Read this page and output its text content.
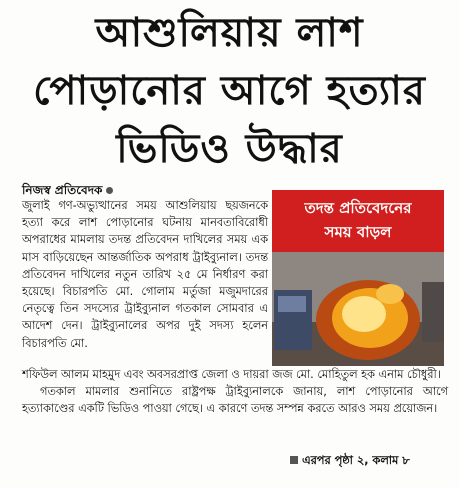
আশুলিয়ায় লাশ
পোড়ানোর আগে হত্যার
ভিডিও উদ্ধার
নিজস্ব প্রতিবেদক

জুলাই গণ-অভ্যুত্থানের সময় আশুলিয়ায় ছয়জনকে হত্যা করে লাশ পোড়ানোর ঘটনায় মানবতাবিরোধী অপরাধের মামলায় তদন্ত প্রতিবেদন দাখিলের সময় এক মাস বাড়িয়েছেন আন্তর্জাতিক অপরাধ ট্রাইব্যুনাল। তদন্ত প্রতিবেদন দাখিলের নতুন তারিখ ২৫ মে নির্ধারণ করা হয়েছে। বিচারপতি মো. গোলাম মর্তুজা মজুমদারের নেতৃত্বে তিন সদস্যের ট্রাইব্যুনাল গতকাল সোমবার এ আদেশ দেন। ট্রাইব্যুনালের অপর দুই সদস্য হলেন বিচারপতি মো.

তদন্ত প্রতিবেদনের
সময় বাড়ল

শফিউল আলম মাহমুদ এবং অবসরপ্রাপ্ত জেলা ও দায়রা জজ মো. মোহিতুল হক এনাম চৌধুরী।

গতকাল মামলার শুনানিতে রাষ্ট্রপক্ষ ট্রাইব্যুনালকে জানায়, লাশ পোড়ানোর আগে হত্যাকাণ্ডের একটি ভিডিও পাওয়া গেছে। এ কারণে তদন্ত সম্পন্ন করতে আরও সময় প্রয়োজন।

এরপর পৃষ্ঠা ২, কলাম ৮
